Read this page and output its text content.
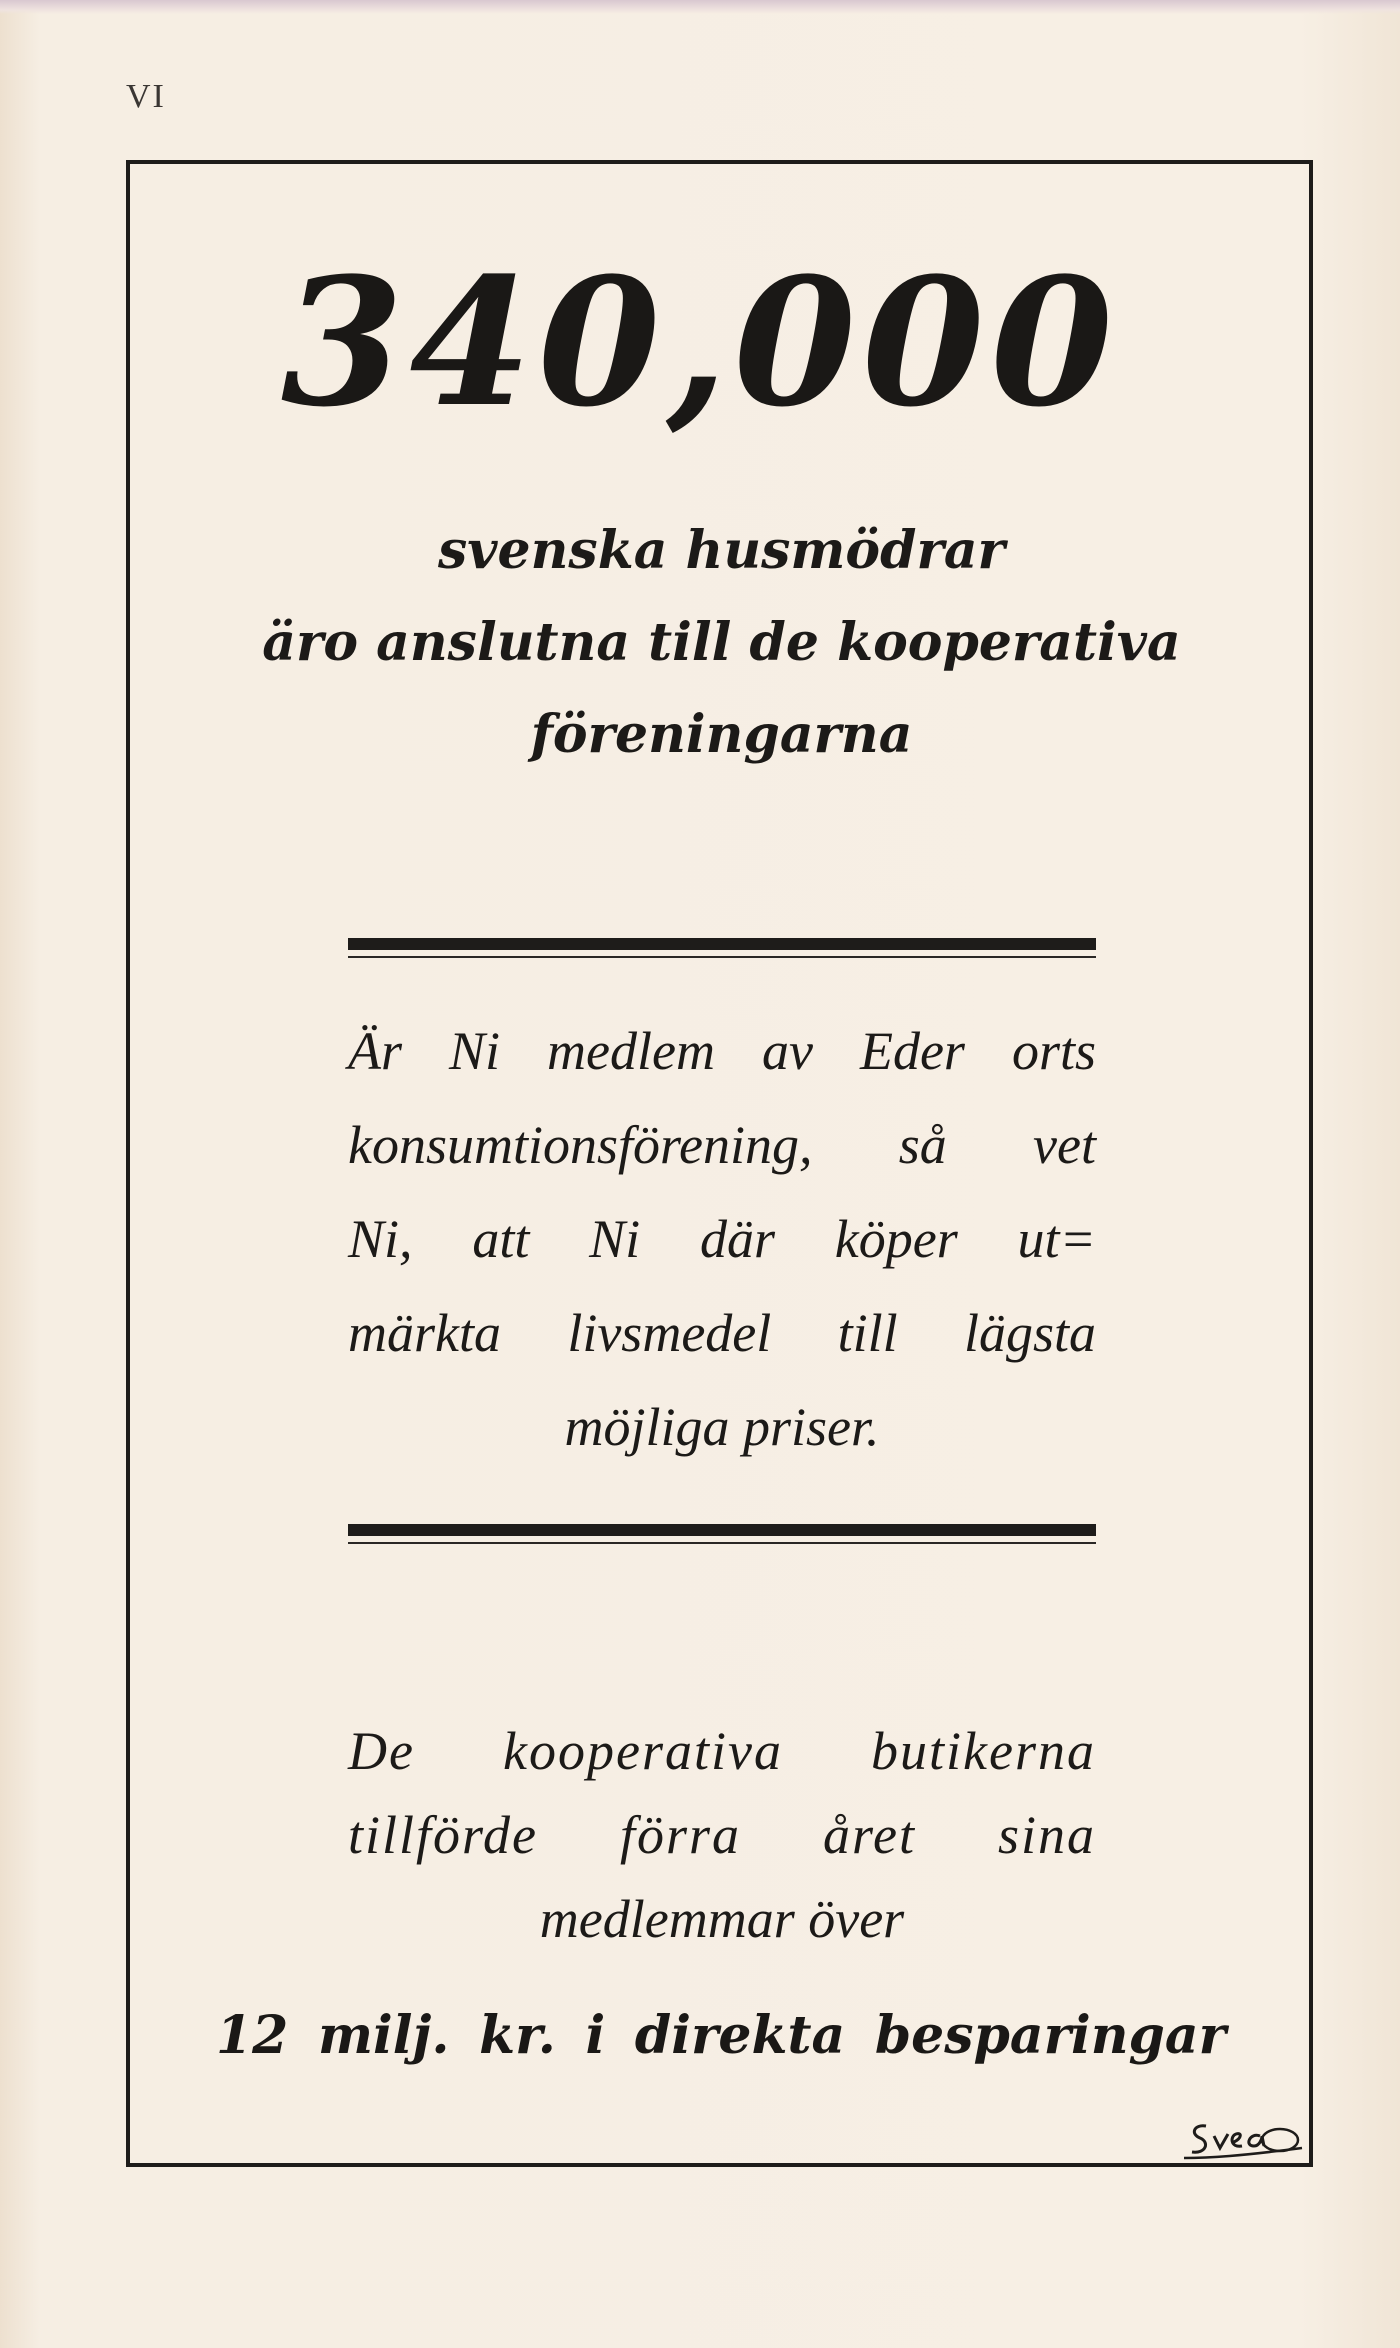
VI
340,000
svenska husmödrar
äro anslutna till de kooperativa
föreningarna
Är Ni medlem av Eder orts
konsumtionsförening, så vet
Ni, att Ni där köper ut=
märkta livsmedel till lägsta
möjliga priser.
De kooperativa butikerna
tillförde förra året sina
medlemmar över
12 milj. kr. i direkta besparingar
